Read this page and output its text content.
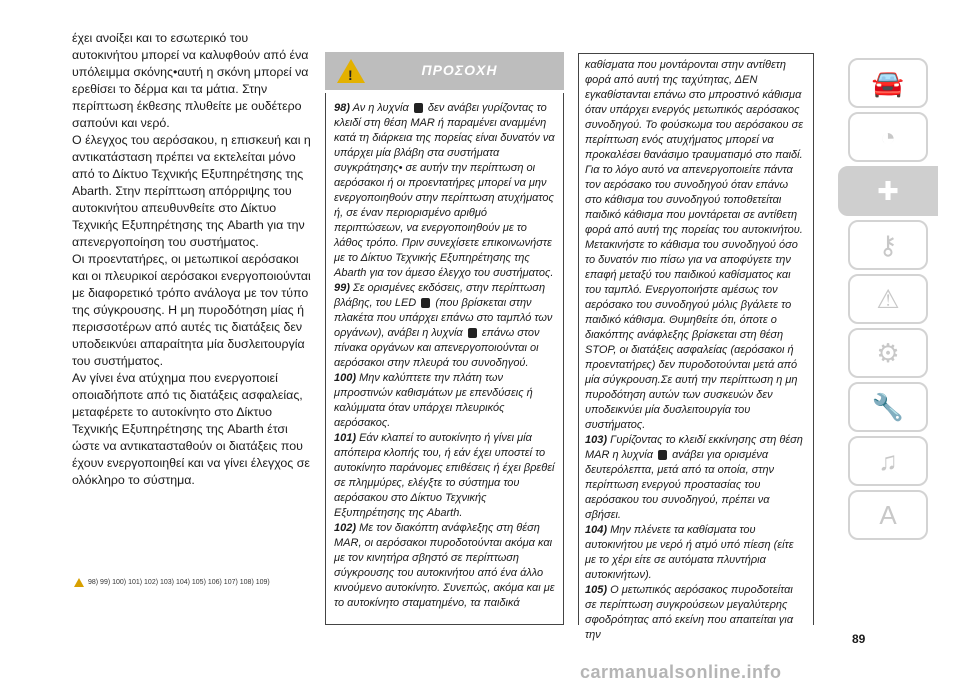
έχει ανοίξει και το εσωτερικό του αυτοκινήτου μπορεί να καλυφθούν από ένα υπόλειμμα σκόνης•αυτή η σκόνη μπορεί να ερεθίσει το δέρμα και τα μάτια. Στην περίπτωση έκθεσης πλυθείτε με ουδέτερο σαπούνι και νερό.

Ο έλεγχος του αερόσακου, η επισκευή και η αντικατάσταση πρέπει να εκτελείται μόνο από το Δίκτυο Τεχνικής Εξυπηρέτησης της Abarth. Στην περίπτωση απόρριψης του αυτοκινήτου απευθυνθείτε στο Δίκτυο Τεχνικής Εξυπηρέτησης της Abarth για την απενεργοποίηση του συστήματος.

Οι προεντατήρες, οι μετωπικοί αερόσακοι και οι πλευρικοί αερόσακοι ενεργοποιούνται με διαφορετικό τρόπο ανάλογα με τον τύπο της σύγκρουσης. Η μη πυροδότηση μίας ή περισσοτέρων από αυτές τις διατάξεις δεν υποδεικνύει απαραίτητα μία δυσλειτουργία του συστήματος.

Αν γίνει ένα ατύχημα που ενεργοποιεί οποιαδήποτε από τις διατάξεις ασφαλείας, μεταφέρετε το αυτοκίνητο στο Δίκτυο Τεχνικής Εξυπηρέτησης της Abarth έτσι ώστε να αντικατασταθούν οι διατάξεις που έχουν ενεργοποιηθεί και να γίνει έλεγχος σε ολόκληρο το σύστημα.

98) 99) 100) 101) 102) 103) 104) 105) 106) 107) 108) 109)
!	ΠΡΟΣΟΧΗ

98) Αν η λυχνία δεν ανάβει γυρίζοντας το κλειδί στη θέση MAR ή παραμένει αναμμένη κατά τη διάρκεια της πορείας είναι δυνατόν να υπάρχει μία βλάβη στα συστήματα συγκράτησης• σε αυτήν την περίπτωση οι αερόσακοι ή οι προεντατήρες μπορεί να μην ενεργοποιηθούν στην περίπτωση ατυχήματος ή, σε έναν περιορισμένο αριθμό περιπτώσεων, να ενεργοποιηθούν με το λάθος τρόπο. Πριν συνεχίσετε επικοινωνήστε με το Δίκτυο Τεχνικής Εξυπηρέτησης της Abarth για τον άμεσο έλεγχο του συστήματος.

99) Σε ορισμένες εκδόσεις, στην περίπτωση βλάβης, του LED (που βρίσκεται στην πλακέτα που υπάρχει επάνω στο ταμπλό των οργάνων), ανάβει η λυχνία επάνω στον πίνακα οργάνων και απενεργοποιούνται οι αερόσακοι στην πλευρά του συνοδηγού.

100) Μην καλύπτετε την πλάτη των μπροστινών καθισμάτων με επενδύσεις ή καλύμματα όταν υπάρχει πλευρικός αερόσακος.

101) Εάν κλαπεί το αυτοκίνητο ή γίνει μία απόπειρα κλοπής του, ή εάν έχει υποστεί το αυτοκίνητο παράνομες επιθέσεις ή έχει βρεθεί σε πλημμύρες, ελέγξτε το σύστημα του αερόσακου στο Δίκτυο Τεχνικής Εξυπηρέτησης της Abarth.

102) Με τον διακόπτη ανάφλεξης στη θέση MAR, οι αερόσακοι πυροδοτούνται ακόμα και με τον κινητήρα σβηστό σε περίπτωση σύγκρουσης του αυτοκινήτου από ένα άλλο κινούμενο αυτοκίνητο. Συνεπώς, ακόμα και με το αυτοκίνητο σταματημένο, τα παιδικά

καθίσματα που μοντάρονται στην αντίθετη φορά από αυτή της ταχύτητας, ΔΕΝ εγκαθίστανται επάνω στο μπροστινό κάθισμα όταν υπάρχει ενεργός μετωπικός αερόσακος συνοδηγού. Το φούσκωμα του αερόσακου σε περίπτωση ενός ατυχήματος μπορεί να προκαλέσει θανάσιμο τραυματισμό στο παιδί. Για το λόγο αυτό να απενεργοποιείτε πάντα τον αερόσακο του συνοδηγού όταν επάνω στο κάθισμα του συνοδηγού τοποθετείται παιδικό κάθισμα που μοντάρεται σε αντίθετη φορά από αυτή της πορείας του αυτοκινήτου. Μετακινήστε το κάθισμα του συνοδηγού όσο το δυνατόν πιο πίσω για να αποφύγετε την επαφή μεταξύ του παιδικού καθίσματος και του ταμπλό. Ενεργοποιήστε αμέσως τον αερόσακο του συνοδηγού μόλις βγάλετε το παιδικό κάθισμα. Θυμηθείτε ότι, όποτε ο διακόπτης ανάφλεξης βρίσκεται στη θέση STOP, οι διατάξεις ασφαλείας (αερόσακοι ή προεντατήρες) δεν πυροδοτούνται μετά από μία σύγκρουση.Σε αυτή την περίπτωση η μη πυροδότηση αυτών των συσκευών δεν υποδεικνύει μία δυσλειτουργία του συστήματος.

103) Γυρίζοντας το κλειδί εκκίνησης στη θέση MAR η λυχνία ανάβει για ορισμένα δευτερόλεπτα, μετά από τα οποία, στην περίπτωση ενεργού προστασίας του αερόσακου του συνοδηγού, πρέπει να σβήσει.

104) Μην πλένετε τα καθίσματα του αυτοκινήτου με νερό ή ατμό υπό πίεση (είτε με το χέρι είτε σε αυτόματα πλυντήρια αυτοκινήτων).

105) Ο μετωπικός αερόσακος πυροδοτείται σε περίπτωση συγκρούσεων μεγαλύτερης σφοδρότητας από εκείνη που απαιτείται για την

🚘
◔
✚
⚷
⚠
⚙
🔧
♫
A
89
carmanualsonline.info
